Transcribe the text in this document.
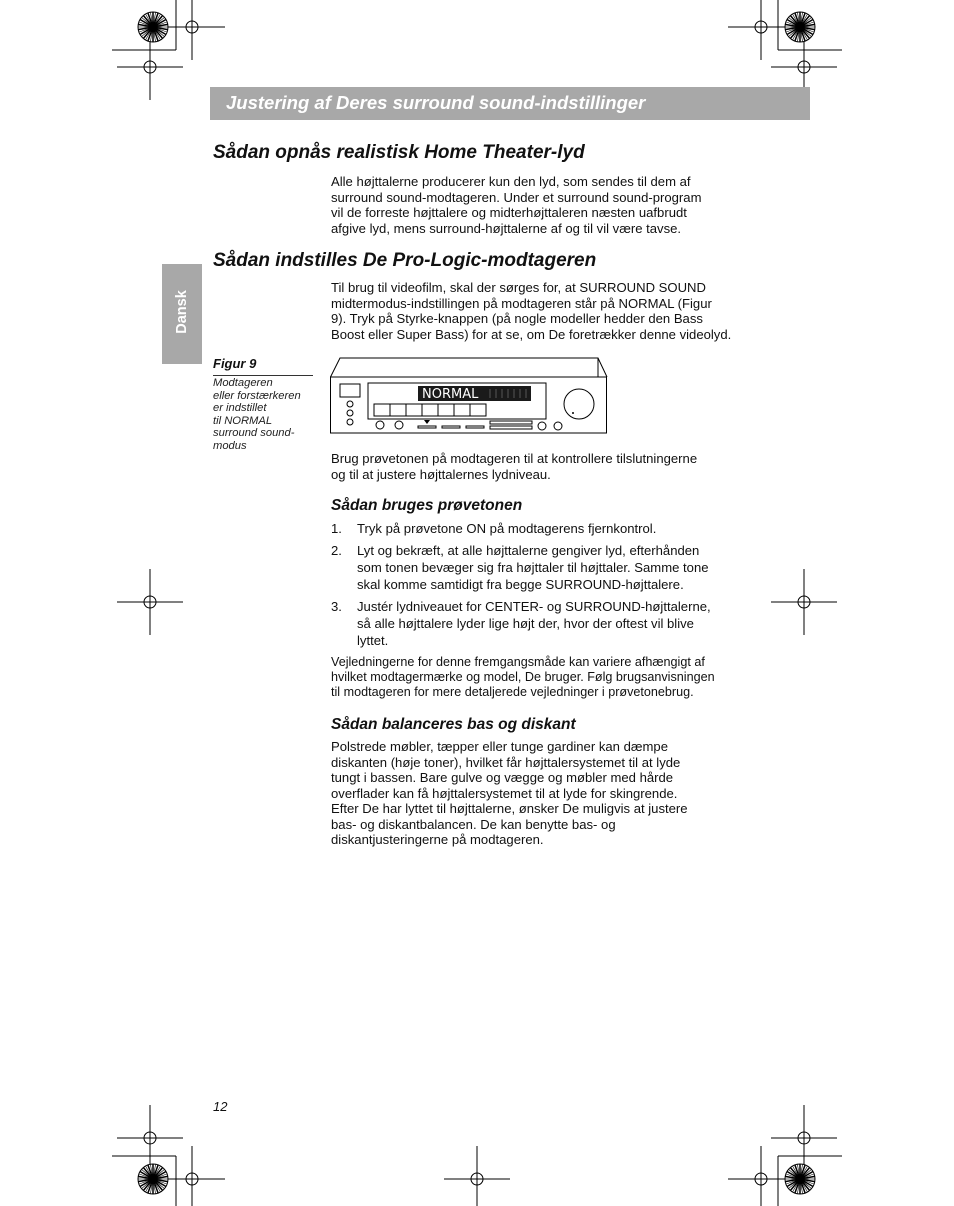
Justering af Deres surround sound-indstillinger
Sådan opnås realistisk Home Theater-lyd
Alle højttalerne producerer kun den lyd, som sendes til dem af
surround sound-modtageren. Under et surround sound-program
vil de forreste højttalere og midterhøjttaleren næsten uafbrudt
afgive lyd, mens surround-højttalerne af og til vil være tavse.
Dansk
Sådan indstilles De Pro-Logic-modtageren
Til brug til videofilm, skal der sørges for, at SURROUND SOUND
midtermodus-indstillingen på modtageren står på NORMAL (Figur
9). Tryk på Styrke-knappen (på nogle modeller hedder den Bass
Boost eller Super Bass) for at se, om De foretrækker denne videolyd.
Figur 9
Modtageren
eller forstærkeren
er indstillet
til NORMAL
surround sound-
modus
NORMAL
Brug prøvetonen på modtageren til at kontrollere tilslutningerne
og til at justere højttalernes lydniveau.
Sådan bruges prøvetonen
1. Tryk på prøvetone ON på modtagerens fjernkontrol.
2. Lyt og bekræft, at alle højttalerne gengiver lyd, efterhånden
som tonen bevæger sig fra højttaler til højttaler. Samme tone
skal komme samtidigt fra begge SURROUND-højttalere.
3. Justér lydniveauet for CENTER- og SURROUND-højttalerne,
så alle højttalere lyder lige højt der, hvor der oftest vil blive
lyttet.
Vejledningerne for denne fremgangsmåde kan variere afhængigt af
hvilket modtagermærke og model, De bruger. Følg brugsanvisningen
til modtageren for mere detaljerede vejledninger i prøvetonebrug.
Sådan balanceres bas og diskant
Polstrede møbler, tæpper eller tunge gardiner kan dæmpe
diskanten (høje toner), hvilket får højttalersystemet til at lyde
tungt i bassen. Bare gulve og vægge og møbler med hårde
overflader kan få højttalersystemet til at lyde for skingrende.
Efter De har lyttet til højttalerne, ønsker De muligvis at justere
bas- og diskantbalancen. De kan benytte bas- og
diskantjusteringerne på modtageren.
12
